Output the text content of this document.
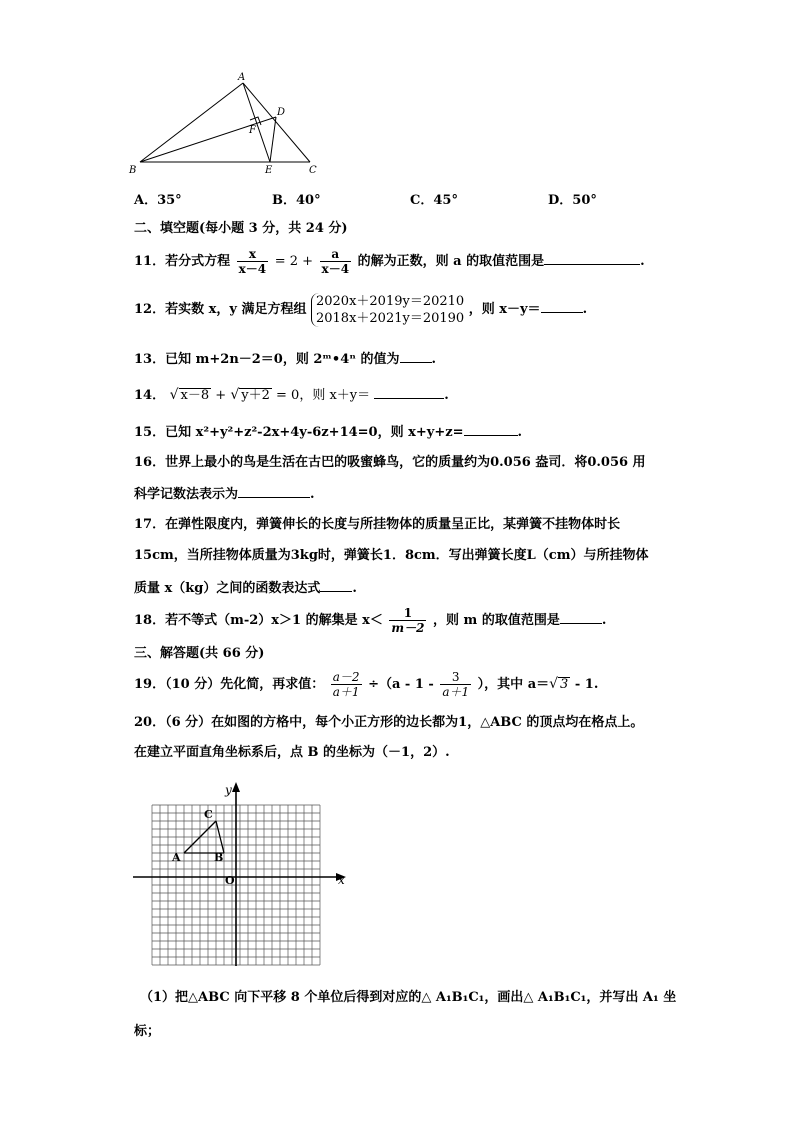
A
B	C
D
E
F
A．35°	B．40°	C．45°	D．50°
二、填空题(每小题 3 分，共 24 分)
11．若分式方程 $\frac{x}{x-4} = 2 + \frac{a}{x-4}$ 的解为正数，则 a 的取值范围是	.
12．若实数 x，y 满足方程组 2020x＋2019y＝20210
2018x＋2021y＝20190 ，则 x－y＝	.
13．已知 m+2n－2＝0，则 2ᵐ•4ⁿ 的值为 .
14． √ x－8 + √ y＋2 = 0，则 x＋y＝	.
15．已知 x²+y²+z²-2x+4y-6z+14=0，则 x+y+z=	.
16．世界上最小的鸟是生活在古巴的吸蜜蜂鸟，它的质量约为0.056 盎司．将0.056 用
科学记数法表示为	.
17．在弹性限度内，弹簧伸长的长度与所挂物体的质量呈正比，某弹簧不挂物体时长
15cm，当所挂物体质量为3kg时，弹簧长1．8cm．写出弹簧长度L（cm）与所挂物体
质量 x（kg）之间的函数表达式 .
18．若不等式（m-2）x＞1 的解集是 $x< \frac{1}{m-2}$ ，则 m 的取值范围是	.
三、解答题(共 66 分)
19．（10 分）先化简，再求值： $\frac{a-2}{a+1} \div(a - 1 - \frac{3}{a+1}$ ），其中 a＝√ 3 - 1.
20．（6 分）在如图的方格中，每个小正方形的边长都为1，△ABC 的顶点均在格点上。
在建立平面直角坐标系后，点 B 的坐标为（－1，2）.
y
x
O
A	B
C
（1）把△ABC 向下平移 8 个单位后得到对应的△ A₁B₁C₁，画出△ A₁B₁C₁，并写出 A₁ 坐
标；
